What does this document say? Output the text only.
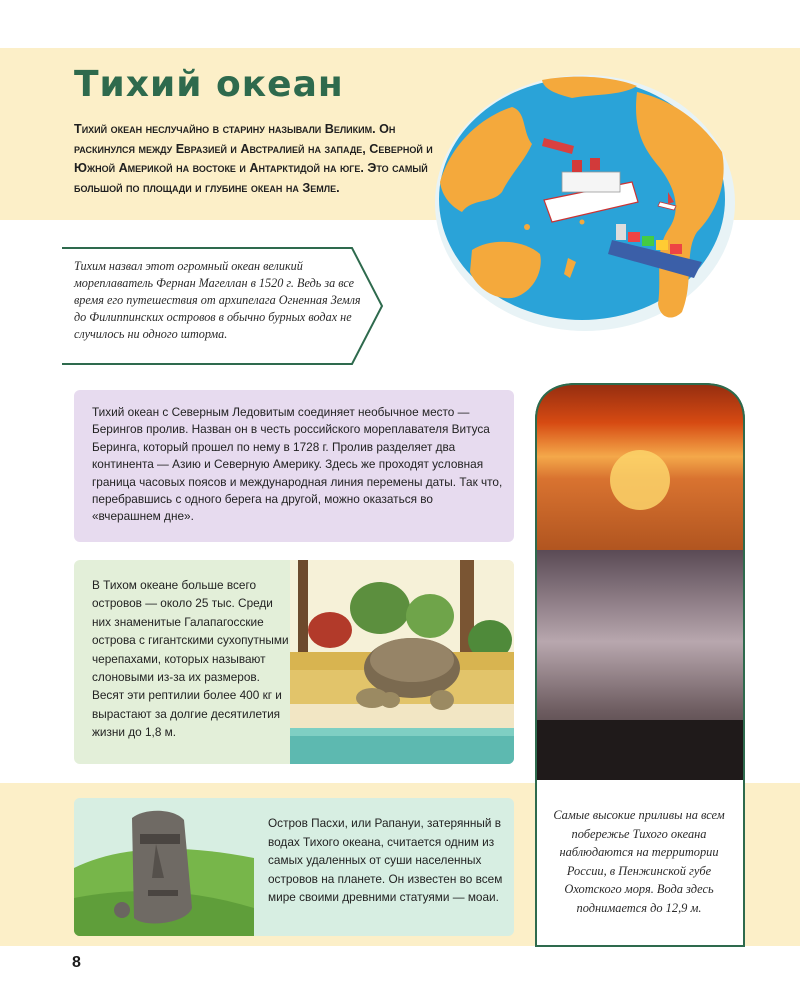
Тихий океан

Тихий океан неслучайно в старину называли Великим. Он раскинулся между Евразией и Австралией на западе, Северной и Южной Америкой на востоке и Антарктидой на юге. Это самый большой по площади и глубине океан на Земле.

Тихим назвал этот огромный океан великий мореплаватель Фернан Магеллан в 1520 г. Ведь за все время его путешествия от архипелага Огненная Земля до Филиппинских островов в обычно бурных водах не случилось ни одного шторма.

Тихий океан с Северным Ледовитым соединяет необычное место — Берингов пролив. Назван он в честь российского мореплавателя Витуса Беринга, который прошел по нему в 1728 г. Пролив разделяет два континента — Азию и Северную Америку. Здесь же проходят условная граница часовых поясов и международная линия перемены даты. Так что, перебравшись с одного берега на другой, можно оказаться во «вчерашнем дне».

В Тихом океане больше всего островов — около 25 тыс. Среди них знаменитые Галапагосские острова с гигантскими сухопутными черепахами, которых называют слоновыми из-за их размеров. Весят эти рептилии более 400 кг и вырастают за долгие десятилетия жизни до 1,8 м.

Остров Пасхи, или Рапануи, затерянный в водах Тихого океана, считается одним из самых удаленных от суши населенных островов на планете. Он известен во всем мире своими древними статуями — моаи.

Самые высокие приливы на всем побережье Тихого океана наблюдаются на территории России, в Пенжинской губе Охотского моря. Вода здесь поднимается до 12,9 м.

8
